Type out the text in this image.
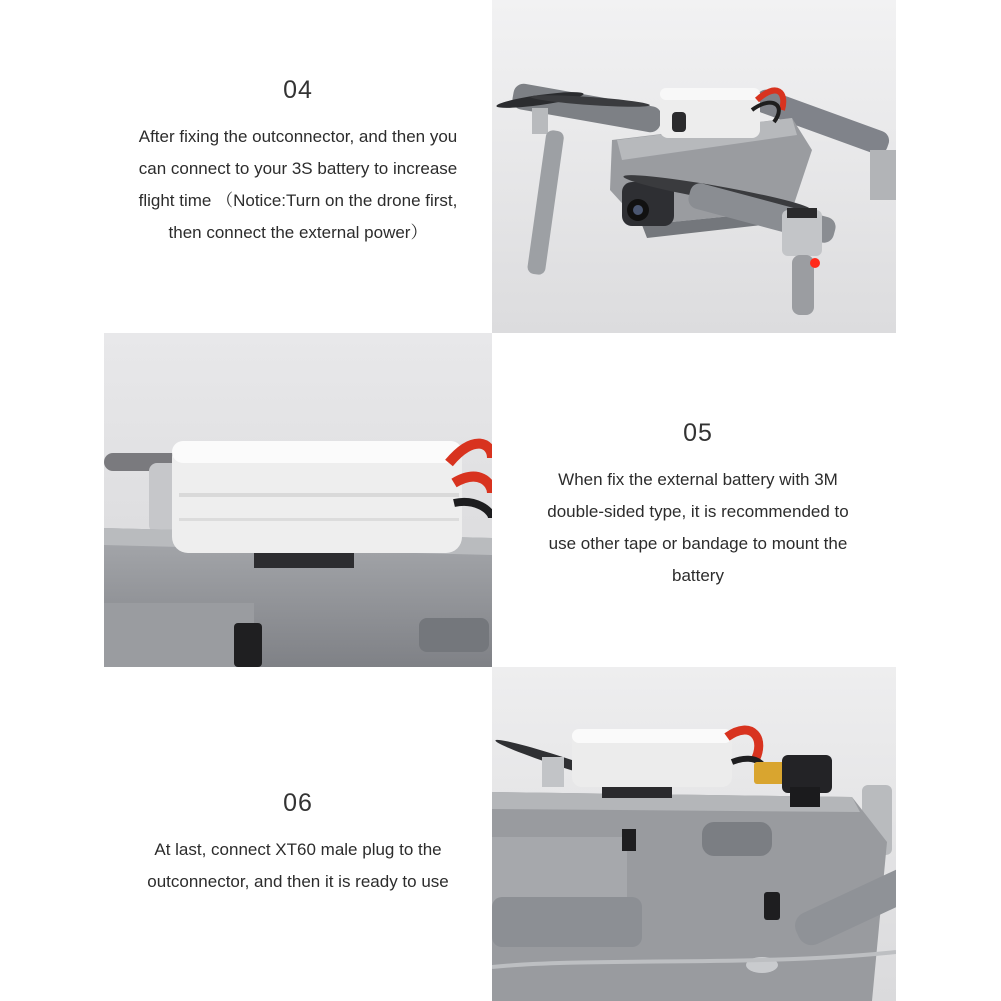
04
After fixing the outconnector, and then you
can connect to your 3S battery to increase
flight time （Notice:Turn on the drone first,
then connect the external power）
05
When fix the external battery with 3M
double-sided type, it is recommended to
use other tape or bandage to mount the
battery
06
At last, connect XT60 male plug to the
outconnector, and then it is ready to use
